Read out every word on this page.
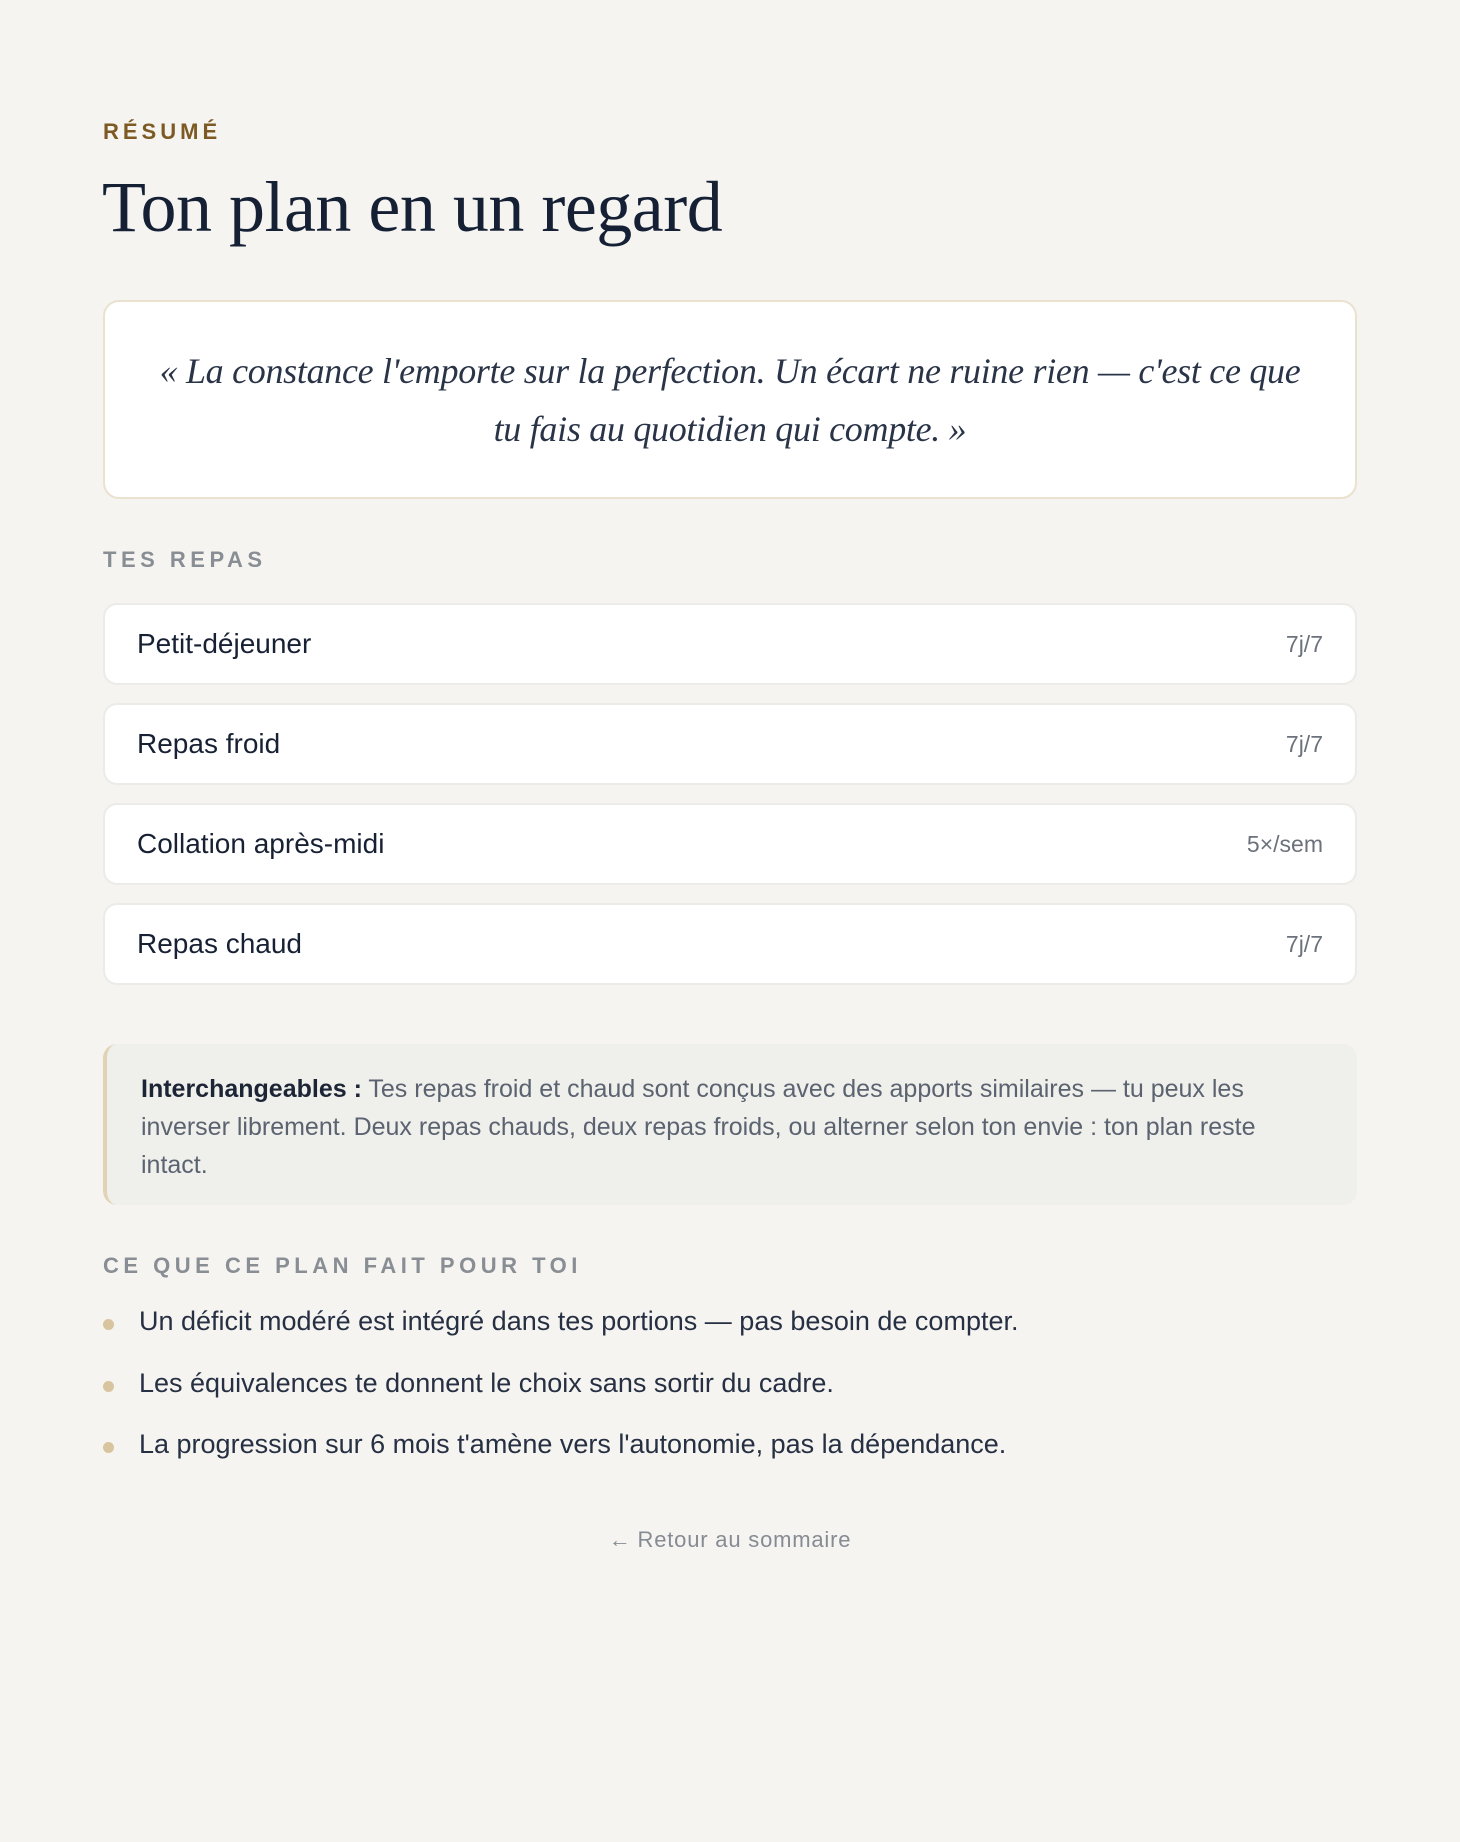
RÉSUMÉ
Ton plan en un regard

« La constance l'emporte sur la perfection. Un écart ne ruine rien — c'est ce que tu fais au quotidien qui compte. »

TES REPAS
Petit-déjeuner	7j/7
Repas froid	7j/7
Collation après-midi	5×/sem
Repas chaud	7j/7
Interchangeables : Tes repas froid et chaud sont conçus avec des apports similaires — tu peux les inverser librement. Deux repas chauds, deux repas froids, ou alterner selon ton envie : ton plan reste intact.
CE QUE CE PLAN FAIT POUR TOI
Un déficit modéré est intégré dans tes portions — pas besoin de compter.
Les équivalences te donnent le choix sans sortir du cadre.
La progression sur 6 mois t'amène vers l'autonomie, pas la dépendance.
← Retour au sommaire
